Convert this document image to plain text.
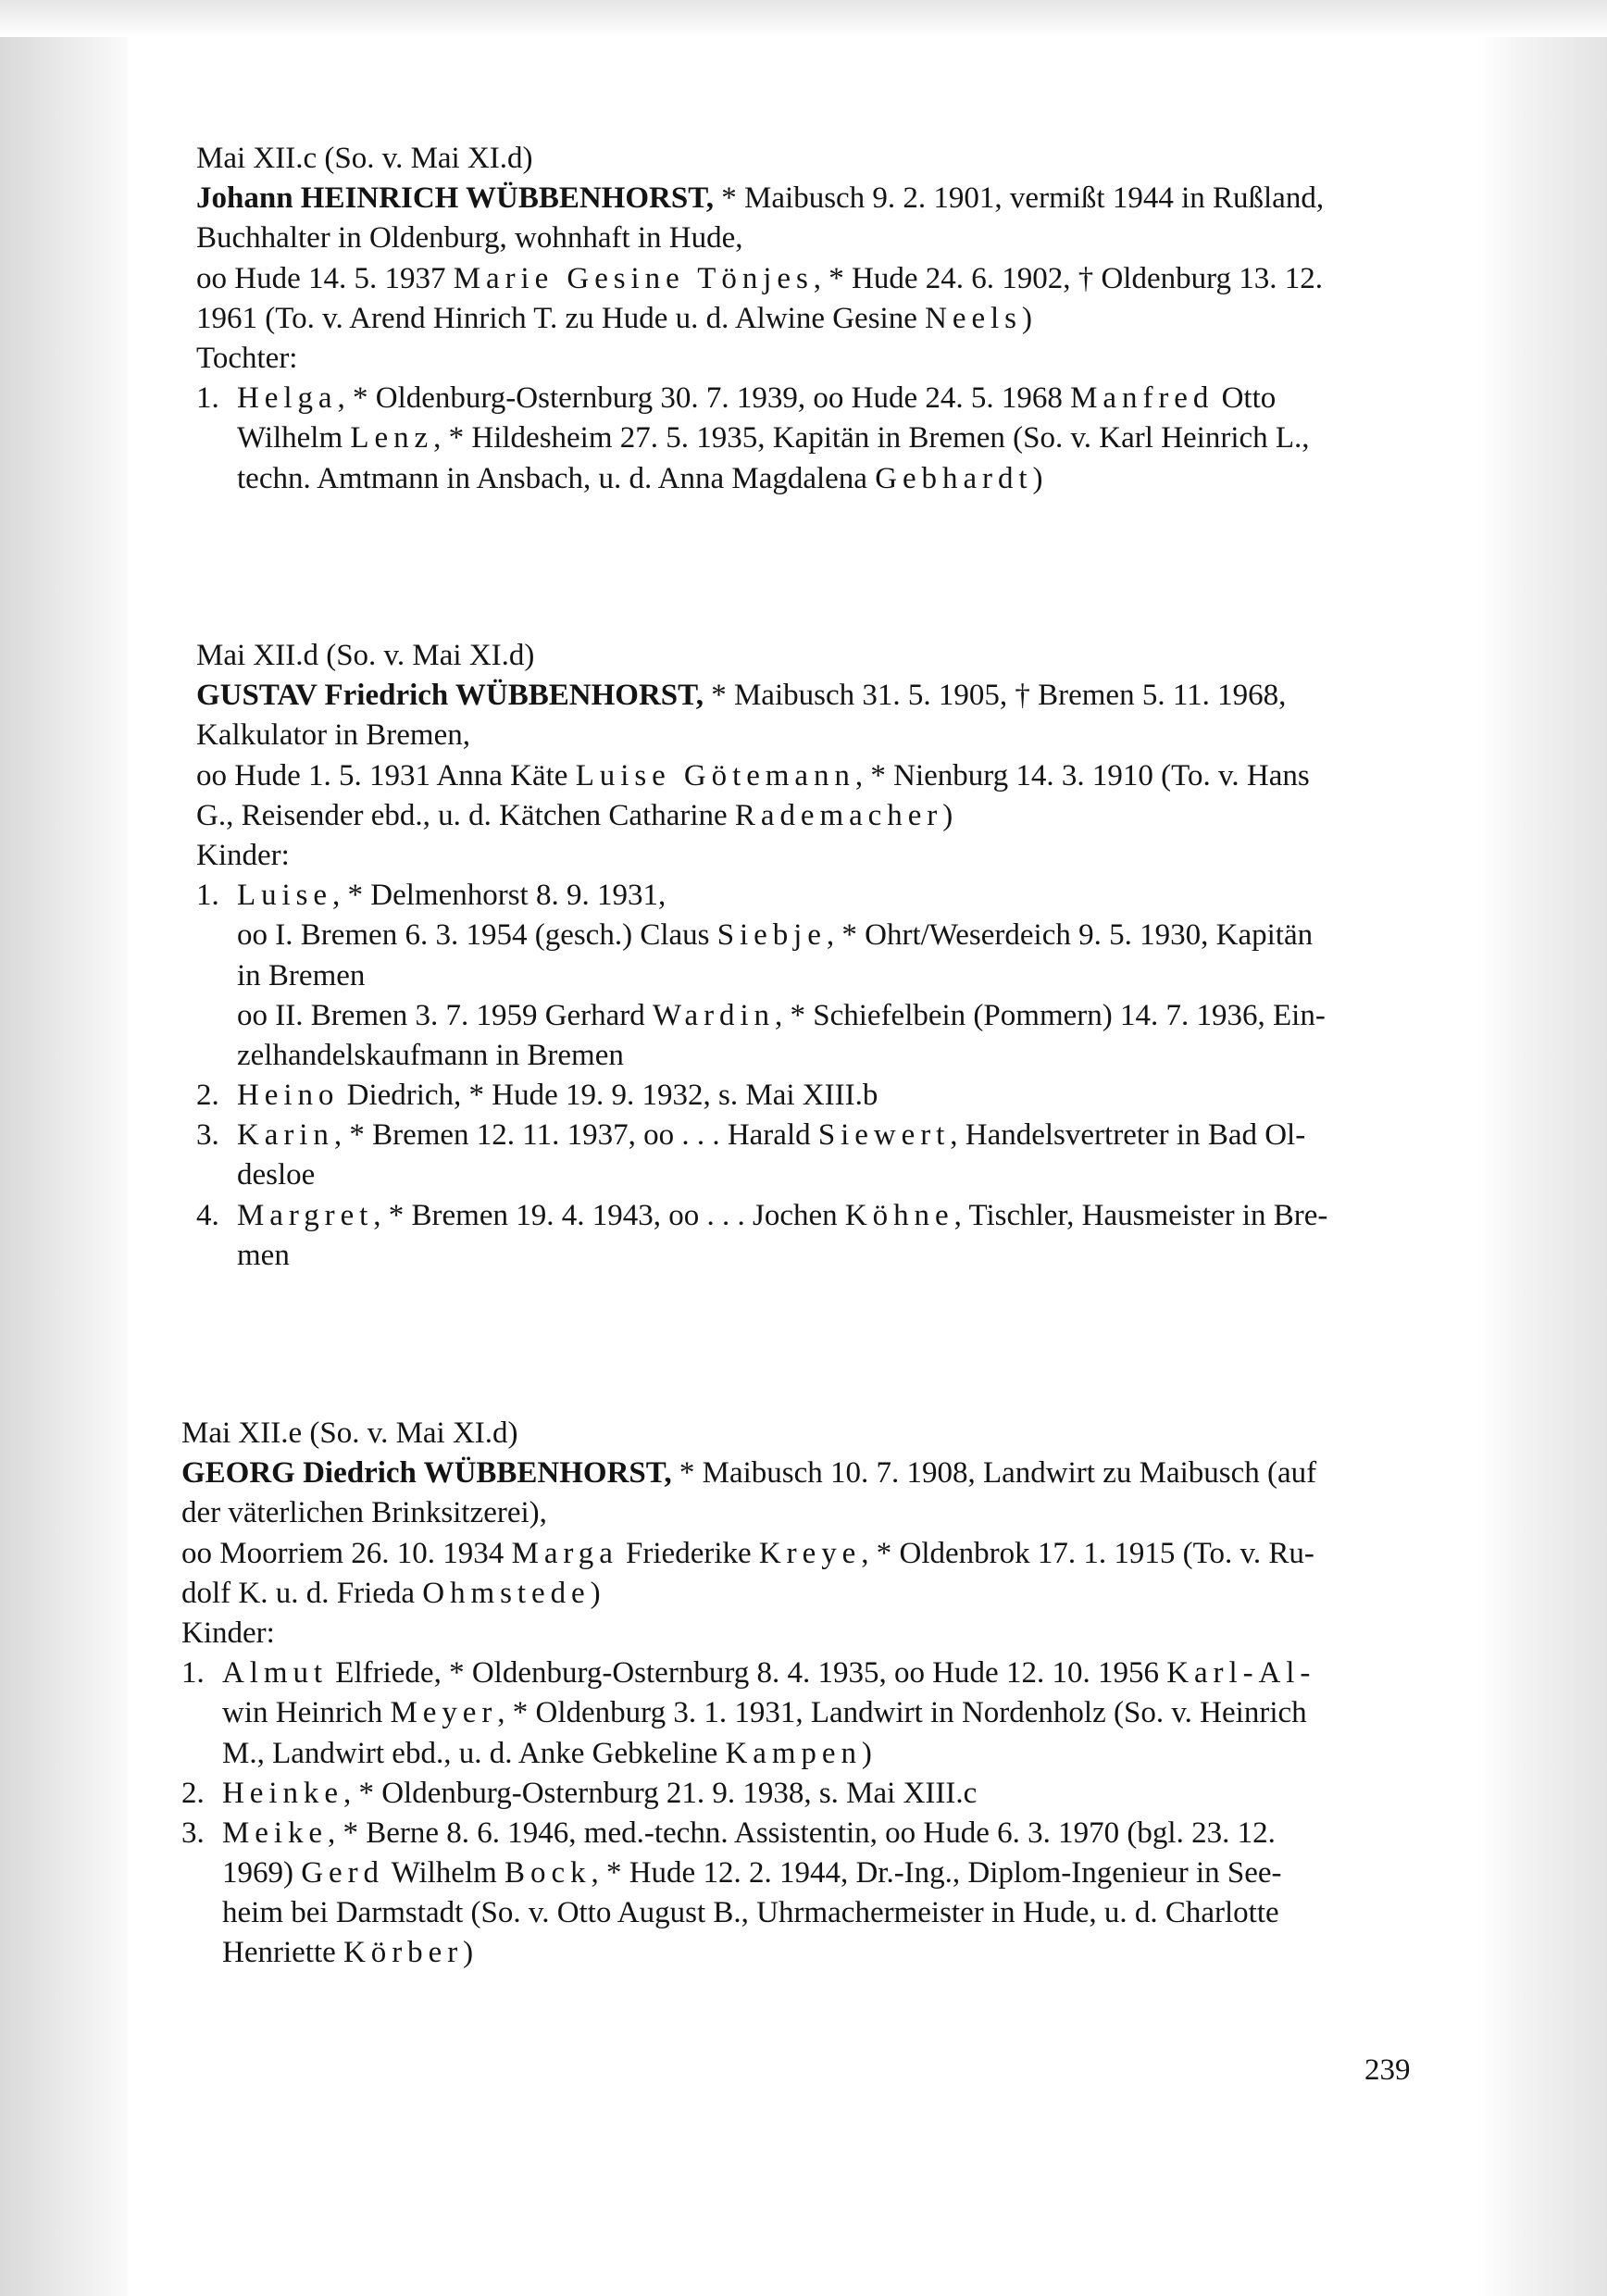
Mai XII.c (So. v. Mai XI.d)
Johann HEINRICH WÜBBENHORST, * Maibusch 9. 2. 1901, vermißt 1944 in Rußland,
Buchhalter in Oldenburg, wohnhaft in Hude,
oo Hude 14. 5. 1937 Marie Gesine Tönjes, * Hude 24. 6. 1902, † Oldenburg 13. 12.
1961 (To. v. Arend Hinrich T. zu Hude u. d. Alwine Gesine Neels)
Tochter:
1. Helga, * Oldenburg-Osternburg 30. 7. 1939, oo Hude 24. 5. 1968 Manfred Otto
Wilhelm Lenz, * Hildesheim 27. 5. 1935, Kapitän in Bremen (So. v. Karl Heinrich L.,
techn. Amtmann in Ansbach, u. d. Anna Magdalena Gebhardt)
Mai XII.d (So. v. Mai XI.d)
GUSTAV Friedrich WÜBBENHORST, * Maibusch 31. 5. 1905, † Bremen 5. 11. 1968,
Kalkulator in Bremen,
oo Hude 1. 5. 1931 Anna Käte Luise Götemann, * Nienburg 14. 3. 1910 (To. v. Hans
G., Reisender ebd., u. d. Kätchen Catharine Rademacher)
Kinder:
1. Luise, * Delmenhorst 8. 9. 1931,
oo I. Bremen 6. 3. 1954 (gesch.) Claus Siebje, * Ohrt/Weserdeich 9. 5. 1930, Kapitän
in Bremen
oo II. Bremen 3. 7. 1959 Gerhard Wardin, * Schiefelbein (Pommern) 14. 7. 1936, Ein-
zelhandelskaufmann in Bremen
2. Heino Diedrich, * Hude 19. 9. 1932, s. Mai XIII.b
3. Karin, * Bremen 12. 11. 1937, oo . . . Harald Siewert, Handelsvertreter in Bad Ol-
desloe
4. Margret, * Bremen 19. 4. 1943, oo . . . Jochen Köhne, Tischler, Hausmeister in Bre-
men
Mai XII.e (So. v. Mai XI.d)
GEORG Diedrich WÜBBENHORST, * Maibusch 10. 7. 1908, Landwirt zu Maibusch (auf
der väterlichen Brinksitzerei),
oo Moorriem 26. 10. 1934 Marga Friederike Kreye, * Oldenbrok 17. 1. 1915 (To. v. Ru-
dolf K. u. d. Frieda Ohmstede)
Kinder:
1. Almut Elfriede, * Oldenburg-Osternburg 8. 4. 1935, oo Hude 12. 10. 1956 Karl-Al-
win Heinrich Meyer, * Oldenburg 3. 1. 1931, Landwirt in Nordenholz (So. v. Heinrich
M., Landwirt ebd., u. d. Anke Gebkeline Kampen)
2. Heinke, * Oldenburg-Osternburg 21. 9. 1938, s. Mai XIII.c
3. Meike, * Berne 8. 6. 1946, med.-techn. Assistentin, oo Hude 6. 3. 1970 (bgl. 23. 12.
1969) Gerd Wilhelm Bock, * Hude 12. 2. 1944, Dr.-Ing., Diplom-Ingenieur in See-
heim bei Darmstadt (So. v. Otto August B., Uhrmachermeister in Hude, u. d. Charlotte
Henriette Körber)
239
